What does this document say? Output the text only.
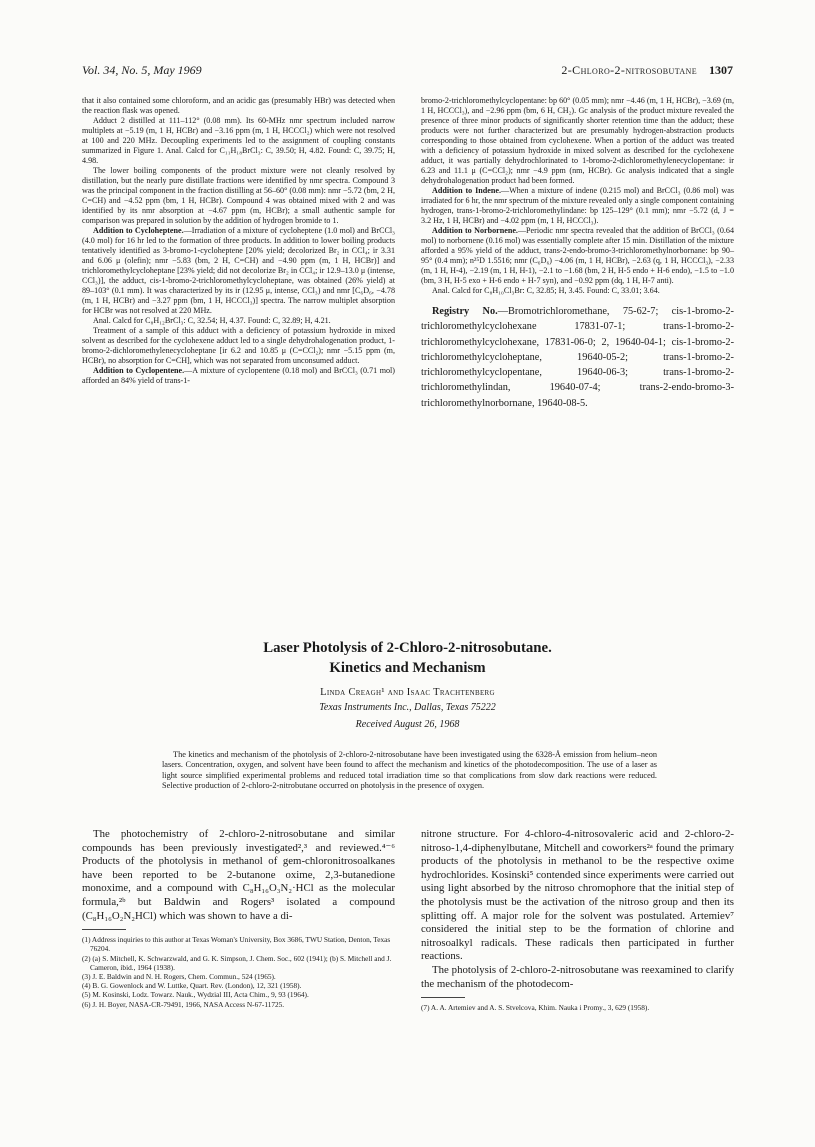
Vol. 34, No. 5, May 1969	2-Chloro-2-nitrosobutane 1307

that it also contained some chloroform, and an acidic gas (presumably HBr) was detected when the reaction flask was opened.

Adduct 2 distilled at 111–112° (0.08 mm). Its 60-MHz nmr spectrum included narrow multiplets at −5.19 (m, 1 H, HCBr) and −3.16 ppm (m, 1 H, HCCCl₂) which were not resolved at 100 and 220 MHz. Decoupling experiments led to the assignment of coupling constants summarized in Figure 1. Anal. Calcd for C₁₁H₁₈BrCl₃: C, 39.50; H, 4.82. Found: C, 39.75; H, 4.98.

The lower boiling components of the product mixture were not cleanly resolved by distillation, but the nearly pure distillate fractions were identified by nmr spectra. Compound 3 was the principal component in the fraction distilling at 56–60° (0.08 mm): nmr −5.72 (bm, 2 H, C=CH) and −4.52 ppm (bm, 1 H, HCBr). Compound 4 was obtained mixed with 2 and was identified by its nmr absorption at −4.67 ppm (m, HCBr); a small authentic sample for comparison was prepared in solution by the addition of hydrogen bromide to 1.

Addition to Cycloheptene.—Irradiation of a mixture of cycloheptene (1.0 mol) and BrCCl₃ (4.0 mol) for 16 hr led to the formation of three products. In addition to lower boiling products tentatively identified as 3-bromo-1-cycloheptene [20% yield; decolorized Br₂ in CCl₄; ir 3.31 and 6.06 μ (olefin); nmr −5.83 (bm, 2 H, C=CH) and −4.90 ppm (m, 1 H, HCBr)] and trichloromethylcycloheptane [23% yield; did not decolorize Br₂ in CCl₄; ir 12.9–13.0 μ (intense, CCl₃)], the adduct, cis-1-bromo-2-trichloromethylcycloheptane, was obtained (26% yield) at 89–103° (0.1 mm). It was characterized by its ir (12.95 μ, intense, CCl₃) and nmr [C₆D₆, −4.78 (m, 1 H, HCBr) and −3.27 ppm (bm, 1 H, HCCCl₃)] spectra. The narrow multiplet absorption for HCBr was not resolved at 220 MHz.

Anal. Calcd for C₈H₁₂BrCl₃: C, 32.54; H, 4.37. Found: C, 32.89; H, 4.21.

Treatment of a sample of this adduct with a deficiency of potassium hydroxide in mixed solvent as described for the cyclohexene adduct led to a single dehydrohalogenation product, 1-bromo-2-dichloromethylenecycloheptane [ir 6.2 and 10.85 μ (C=CCl₂); nmr −5.15 ppm (m, HCBr), no absorption for C=CH], which was not separated from unconsumed adduct.

Addition to Cyclopentene.—A mixture of cyclopentene (0.18 mol) and BrCCl₃ (0.71 mol) afforded an 84% yield of trans-1-

bromo-2-trichloromethylcyclopentane: bp 60° (0.05 mm); nmr −4.46 (m, 1 H, HCBr), −3.69 (m, 1 H, HCCCl₃), and −2.96 ppm (bm, 6 H, CH₂). Gc analysis of the product mixture revealed the presence of three minor products of significantly shorter retention time than the adduct; these products were not further characterized but are presumably hydrogen-abstraction products corresponding to those obtained from cyclohexene. When a portion of the adduct was treated with a deficiency of potassium hydroxide in mixed solvent as described for the cyclohexene adduct, it was partially dehydrochlorinated to 1-bromo-2-dichloromethylenecyclopentane: ir 6.23 and 11.1 μ (C=CCl₂); nmr −4.9 ppm (nm, HCBr). Gc analysis indicated that a single dehydrohalogenation product had been formed.

Addition to Indene.—When a mixture of indene (0.215 mol) and BrCCl₃ (0.86 mol) was irradiated for 6 hr, the nmr spectrum of the mixture revealed only a single component containing hydrogen, trans-1-bromo-2-trichloromethylindane: bp 125–129° (0.1 mm); nmr −5.72 (d, J = 3.2 Hz, 1 H, HCBr) and −4.02 ppm (m, 1 H, HCCCl₃).

Addition to Norbornene.—Periodic nmr spectra revealed that the addition of BrCCl₃ (0.64 mol) to norbornene (0.16 mol) was essentially complete after 15 min. Distillation of the mixture afforded a 95% yield of the adduct, trans-2-endo-bromo-3-trichloromethylnorbornane: bp 90–95° (0.4 mm); n²⁵D 1.5516; nmr (C₆D₆) −4.06 (m, 1 H, HCBr), −2.63 (q, 1 H, HCCCl₃), −2.33 (m, 1 H, H-4), −2.19 (m, 1 H, H-1), −2.1 to −1.68 (bm, 2 H, H-5 endo + H-6 endo), −1.5 to −1.0 (bm, 3 H, H-5 exo + H-6 endo + H-7 syn), and −0.92 ppm (dq, 1 H, H-7 anti).

Anal. Calcd for C₈H₁₀Cl₃Br: C, 32.85; H, 3.45. Found: C, 33.01; 3.64.

Registry No.—Bromotrichloromethane, 75-62-7; cis-1-bromo-2-trichloromethylcyclohexane 17831-07-1; trans-1-bromo-2-trichloromethylcyclohexane, 17831-06-0; 2, 19640-04-1; cis-1-bromo-2-trichloromethylcycloheptane, 19640-05-2; trans-1-bromo-2-trichloromethylcyclopentane, 19640-06-3; trans-1-bromo-2-trichloromethylindan, 19640-07-4; trans-2-endo-bromo-3-trichloromethylnorbornane, 19640-08-5.

Laser Photolysis of 2-Chloro-2-nitrosobutane.
Kinetics and Mechanism
Linda Creagh¹ and Isaac Trachtenberg
Texas Instruments Inc., Dallas, Texas 75222
Received August 26, 1968

The kinetics and mechanism of the photolysis of 2-chloro-2-nitrosobutane have been investigated using the 6328-Å emission from helium–neon lasers. Concentration, oxygen, and solvent have been found to affect the mechanism and kinetics of the photodecomposition. The use of a laser as light source simplified experimental problems and reduced total irradiation time so that complications from slow dark reactions were reduced. Selective production of 2-chloro-2-nitrobutane occurred on photolysis in the presence of oxygen.

The photochemistry of 2-chloro-2-nitrosobutane and similar compounds has been previously investigated²,³ and reviewed.⁴⁻⁶ Products of the photolysis in methanol of gem-chloronitrosoalkanes have been reported to be 2-butanone oxime, 2,3-butanedione monoxime, and a compound with C₈H₁₆O₃N₂·HCl as the molecular formula,²ᵇ but Baldwin and Rogers³ isolated a compound (C₈H₁₆O₂N₂HCl) which was shown to have a di-

(1) Address inquiries to this author at Texas Woman's University, Box 3686, TWU Station, Denton, Texas 76204.
(2) (a) S. Mitchell, K. Schwarzwald, and G. K. Simpson, J. Chem. Soc., 602 (1941); (b) S. Mitchell and J. Cameron, ibid., 1964 (1938).
(3) J. E. Baldwin and N. H. Rogers, Chem. Commun., 524 (1965).
(4) B. G. Gowenlock and W. Luttke, Quart. Rev. (London), 12, 321 (1958).
(5) M. Kosinski, Lodz. Towarz. Nauk., Wydzial III, Acta Chim., 9, 93 (1964).
(6) J. H. Boyer, NASA-CR-79491, 1966, NASA Access N-67-11725.

nitrone structure. For 4-chloro-4-nitrosovaleric acid and 2-chloro-2-nitroso-1,4-diphenylbutane, Mitchell and coworkers²ᵃ found the primary products of the photolysis in methanol to be the respective oxime hydrochlorides. Kosinski⁵ contended since experiments were carried out using light absorbed by the nitroso chromophore that the initial step of the photolysis must be the activation of the nitroso group and then its splitting off. A major role for the solvent was postulated. Artemiev⁷ considered the initial step to be the formation of chlorine and nitrosoalkyl radicals. These radicals then participated in further reactions.

The photolysis of 2-chloro-2-nitrosobutane was reexamined to clarify the mechanism of the photodecom-

(7) A. A. Artemiev and A. S. Stvelcova, Khim. Nauka i Promy., 3, 629 (1958).
